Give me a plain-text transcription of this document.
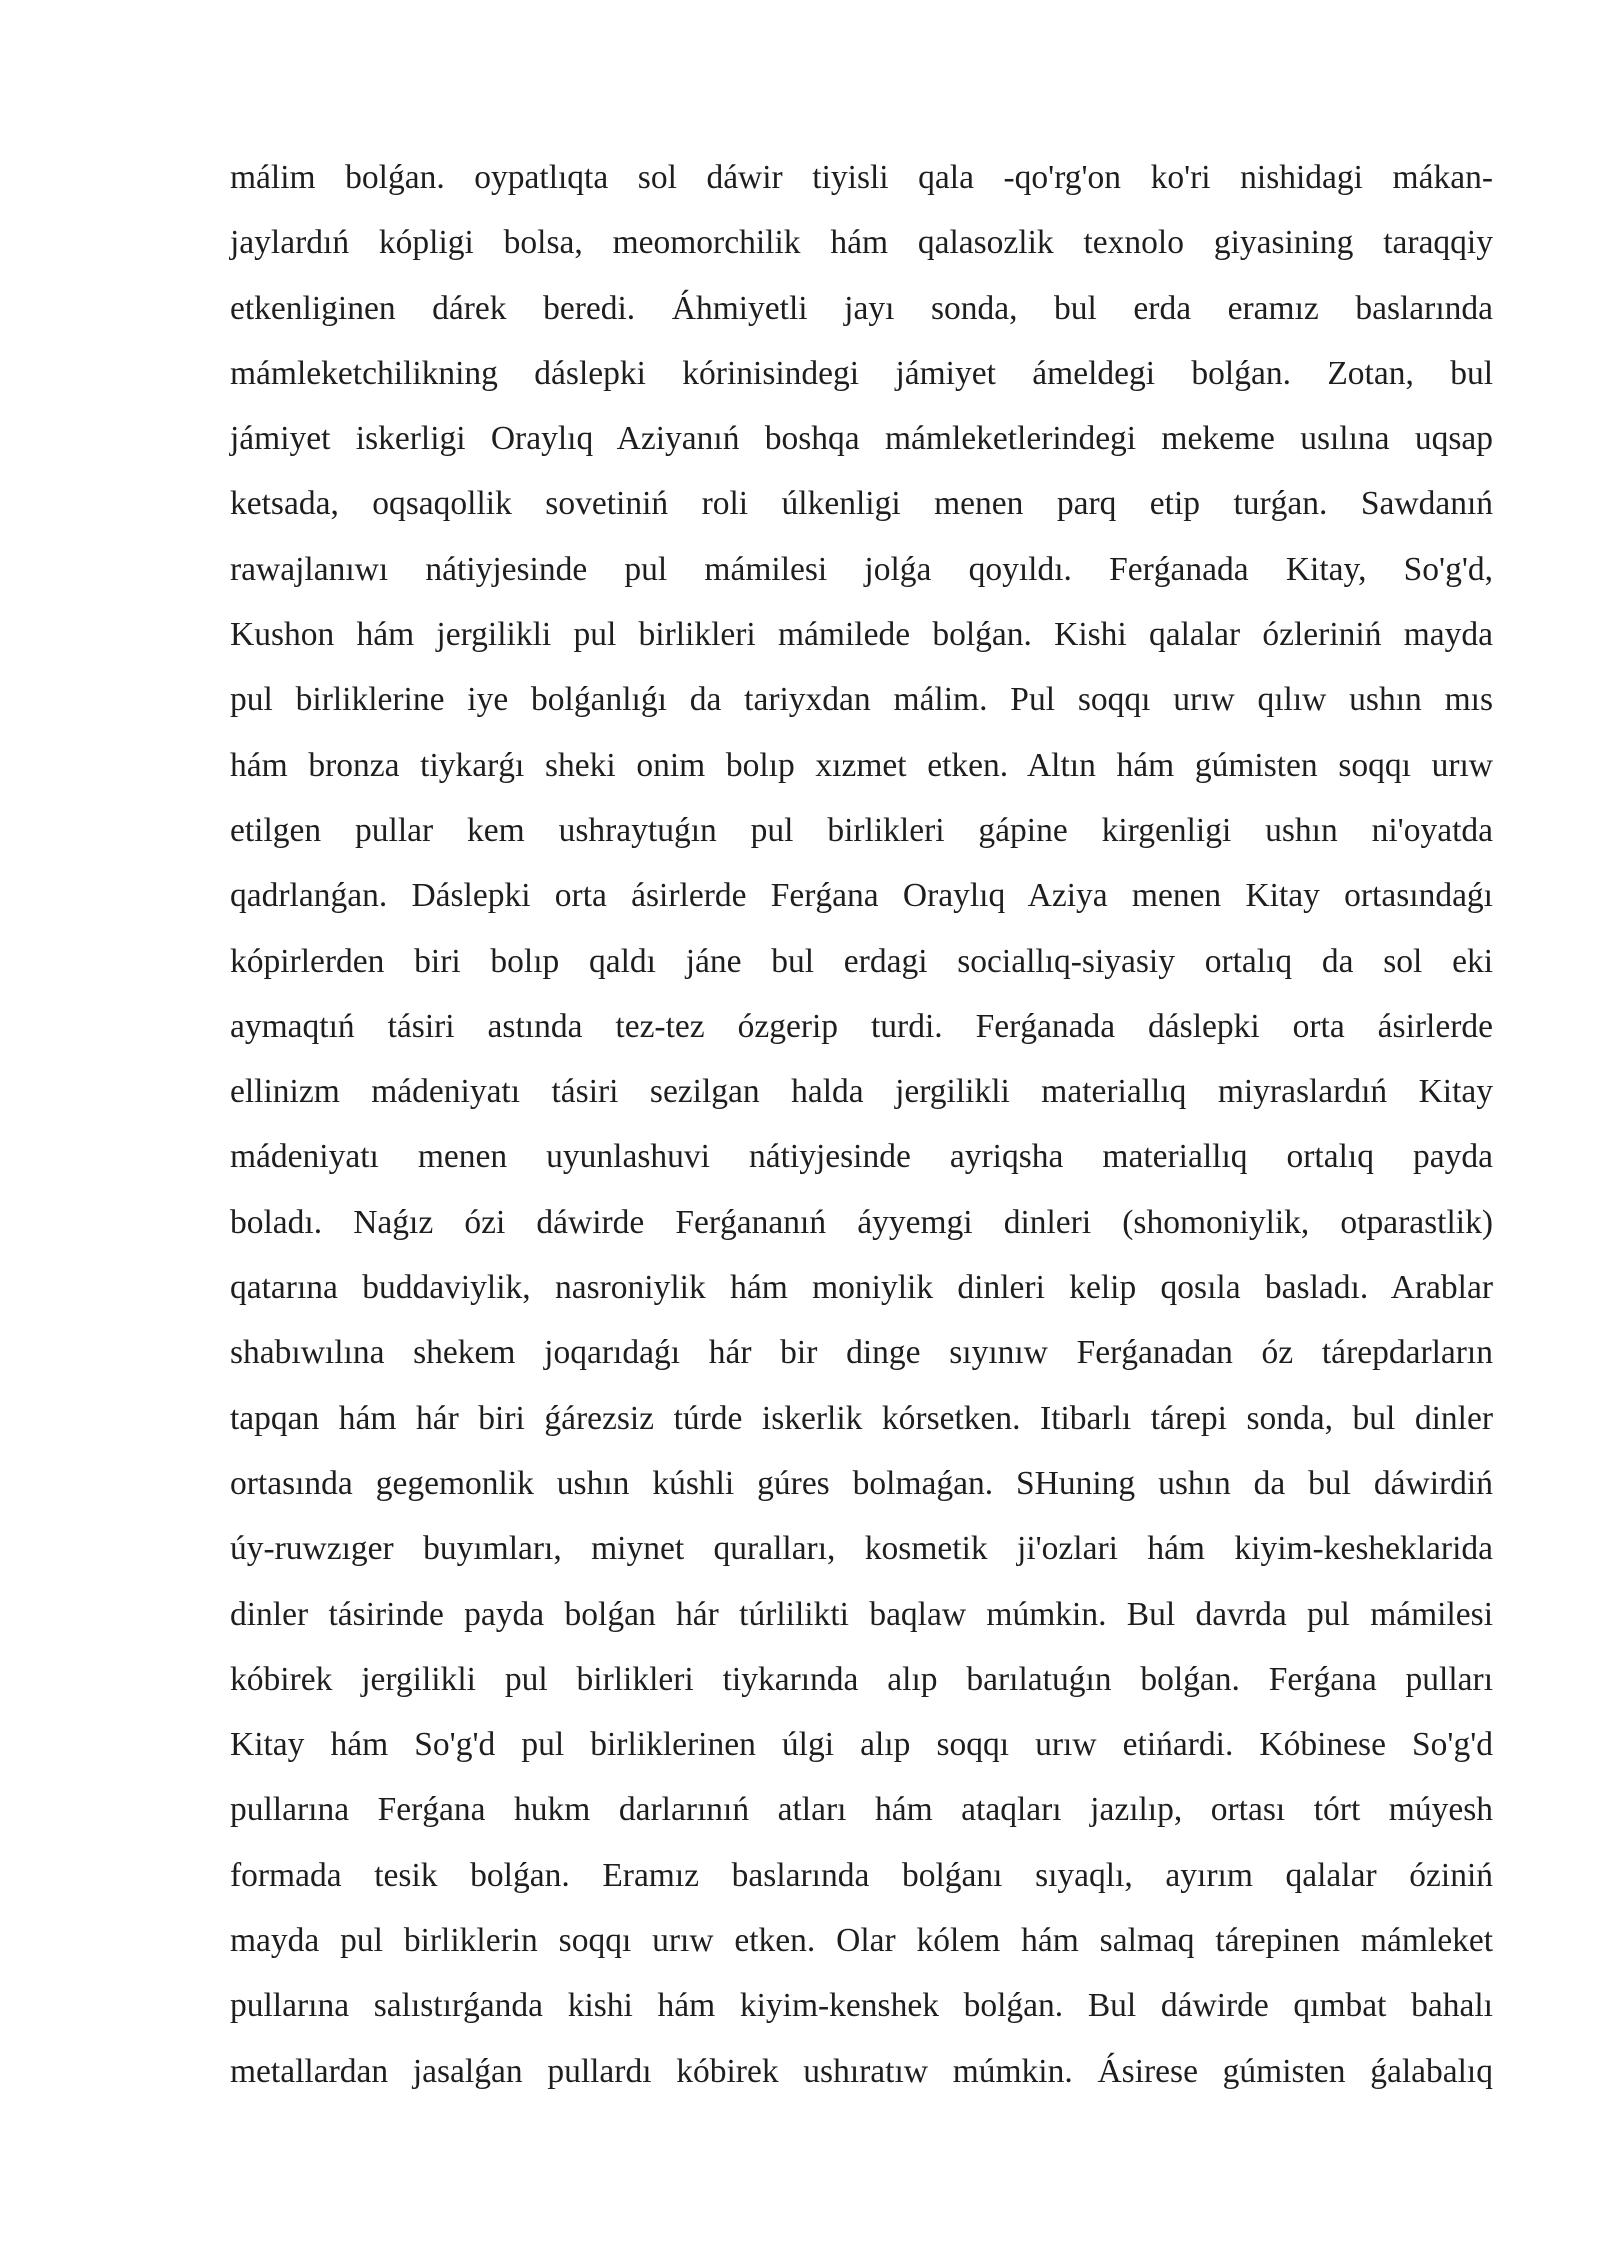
málim bolǵan. oypatlıqta sol dáwir tiyisli qala -qo'rg'on ko'ri nishidagi mákan-
jaylardıń kópligi bolsa, meomorchilik hám qalasozlik texnolo giyasining taraqqiy
etkenliginen dárek beredi. Áhmiyetli jayı sonda, bul erda eramız baslarında
mámleketchilikning dáslepki kórinisindegi jámiyet ámeldegi bolǵan. Zotan, bul
jámiyet iskerligi Oraylıq Aziyanıń boshqa mámleketlerindegi mekeme usılına uqsap
ketsada, oqsaqollik sovetiniń roli úlkenligi menen parq etip turǵan. Sawdanıń
rawajlanıwı nátiyjesinde pul mámilesi jolǵa qoyıldı. Ferǵanada Kitay, So'g'd,
Kushon hám jergilikli pul birlikleri mámilede bolǵan. Kishi qalalar ózleriniń mayda
pul birliklerine iye bolǵanlıǵı da tariyxdan málim. Pul soqqı urıw qılıw ushın mıs
hám bronza tiykarǵı sheki onim bolıp xızmet etken. Altın hám gúmisten soqqı urıw
etilgen pullar kem ushraytuǵın pul birlikleri gápine kirgenligi ushın ni'oyatda
qadrlanǵan. Dáslepki orta ásirlerde Ferǵana Oraylıq Aziya menen Kitay ortasındaǵı
kópirlerden biri bolıp qaldı jáne bul erdagi sociallıq-siyasiy ortalıq da sol eki
aymaqtıń tásiri astında tez-tez ózgerip turdi. Ferǵanada dáslepki orta ásirlerde
ellinizm mádeniyatı tásiri sezilgan halda jergilikli materiallıq miyraslardıń Kitay
mádeniyatı menen uyunlashuvi nátiyjesinde ayriqsha materiallıq ortalıq payda
boladı. Naǵız ózi dáwirde Ferǵananıń áyyemgi dinleri (shomoniylik, otparastlik)
qatarına buddaviylik, nasroniylik hám moniylik dinleri kelip qosıla basladı. Arablar
shabıwılına shekem joqarıdaǵı hár bir dinge sıyınıw Ferǵanadan óz tárepdarların
tapqan hám hár biri ǵárezsiz túrde iskerlik kórsetken. Itibarlı tárepi sonda, bul dinler
ortasında gegemonlik ushın kúshli gúres bolmaǵan. SHuning ushın da bul dáwirdiń
úy-ruwzıger buyımları, miynet quralları, kosmetik ji'ozlari hám kiyim-kesheklarida
dinler tásirinde payda bolǵan hár túrlilikti baqlaw múmkin. Bul davrda pul mámilesi
kóbirek jergilikli pul birlikleri tiykarında alıp barılatuǵın bolǵan. Ferǵana pulları
Kitay hám So'g'd pul birliklerinen úlgi alıp soqqı urıw etińardi. Kóbinese So'g'd
pullarına Ferǵana hukm darlarınıń atları hám ataqları jazılıp, ortası tórt múyesh
formada tesik bolǵan. Eramız baslarında bolǵanı sıyaqlı, ayırım qalalar óziniń
mayda pul birliklerin soqqı urıw etken. Olar kólem hám salmaq tárepinen mámleket
pullarına salıstırǵanda kishi hám kiyim-kenshek bolǵan. Bul dáwirde qımbat bahalı
metallardan jasalǵan pullardı kóbirek ushıratıw múmkin. Ásirese gúmisten ǵalabalıq
